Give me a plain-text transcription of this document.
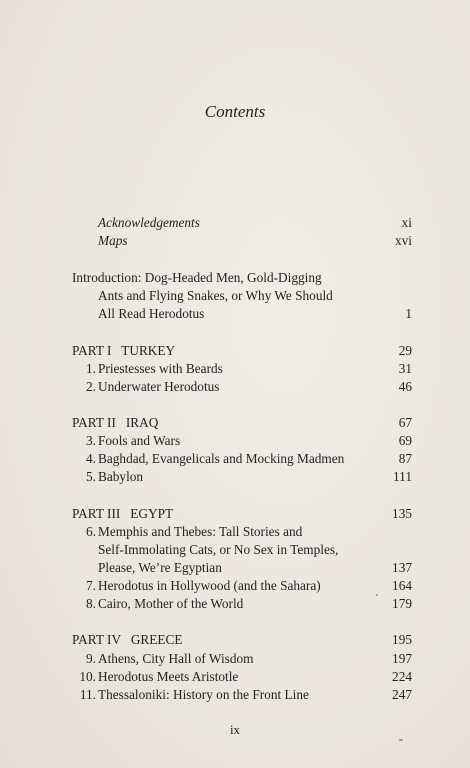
Contents
Acknowledgements	xi
Maps	xvi
Introduction: Dog-Headed Men, Gold-Digging
Ants and Flying Snakes, or Why We Should
All Read Herodotus	1
PART I   TURKEY	29
1. Priestesses with Beards	31
2. Underwater Herodotus	46
PART II   IRAQ	67
3. Fools and Wars	69
4. Baghdad, Evangelicals and Mocking Madmen	87
5. Babylon	111
PART III   EGYPT	135
6. Memphis and Thebes: Tall Stories and
Self-Immolating Cats, or No Sex in Temples,
Please, We’re Egyptian	137
7. Herodotus in Hollywood (and the Sahara)	164
8. Cairo, Mother of the World	179
PART IV   GREECE	195
9. Athens, City Hall of Wisdom	197
10. Herodotus Meets Aristotle	224
11. Thessaloniki: History on the Front Line	247
ix
